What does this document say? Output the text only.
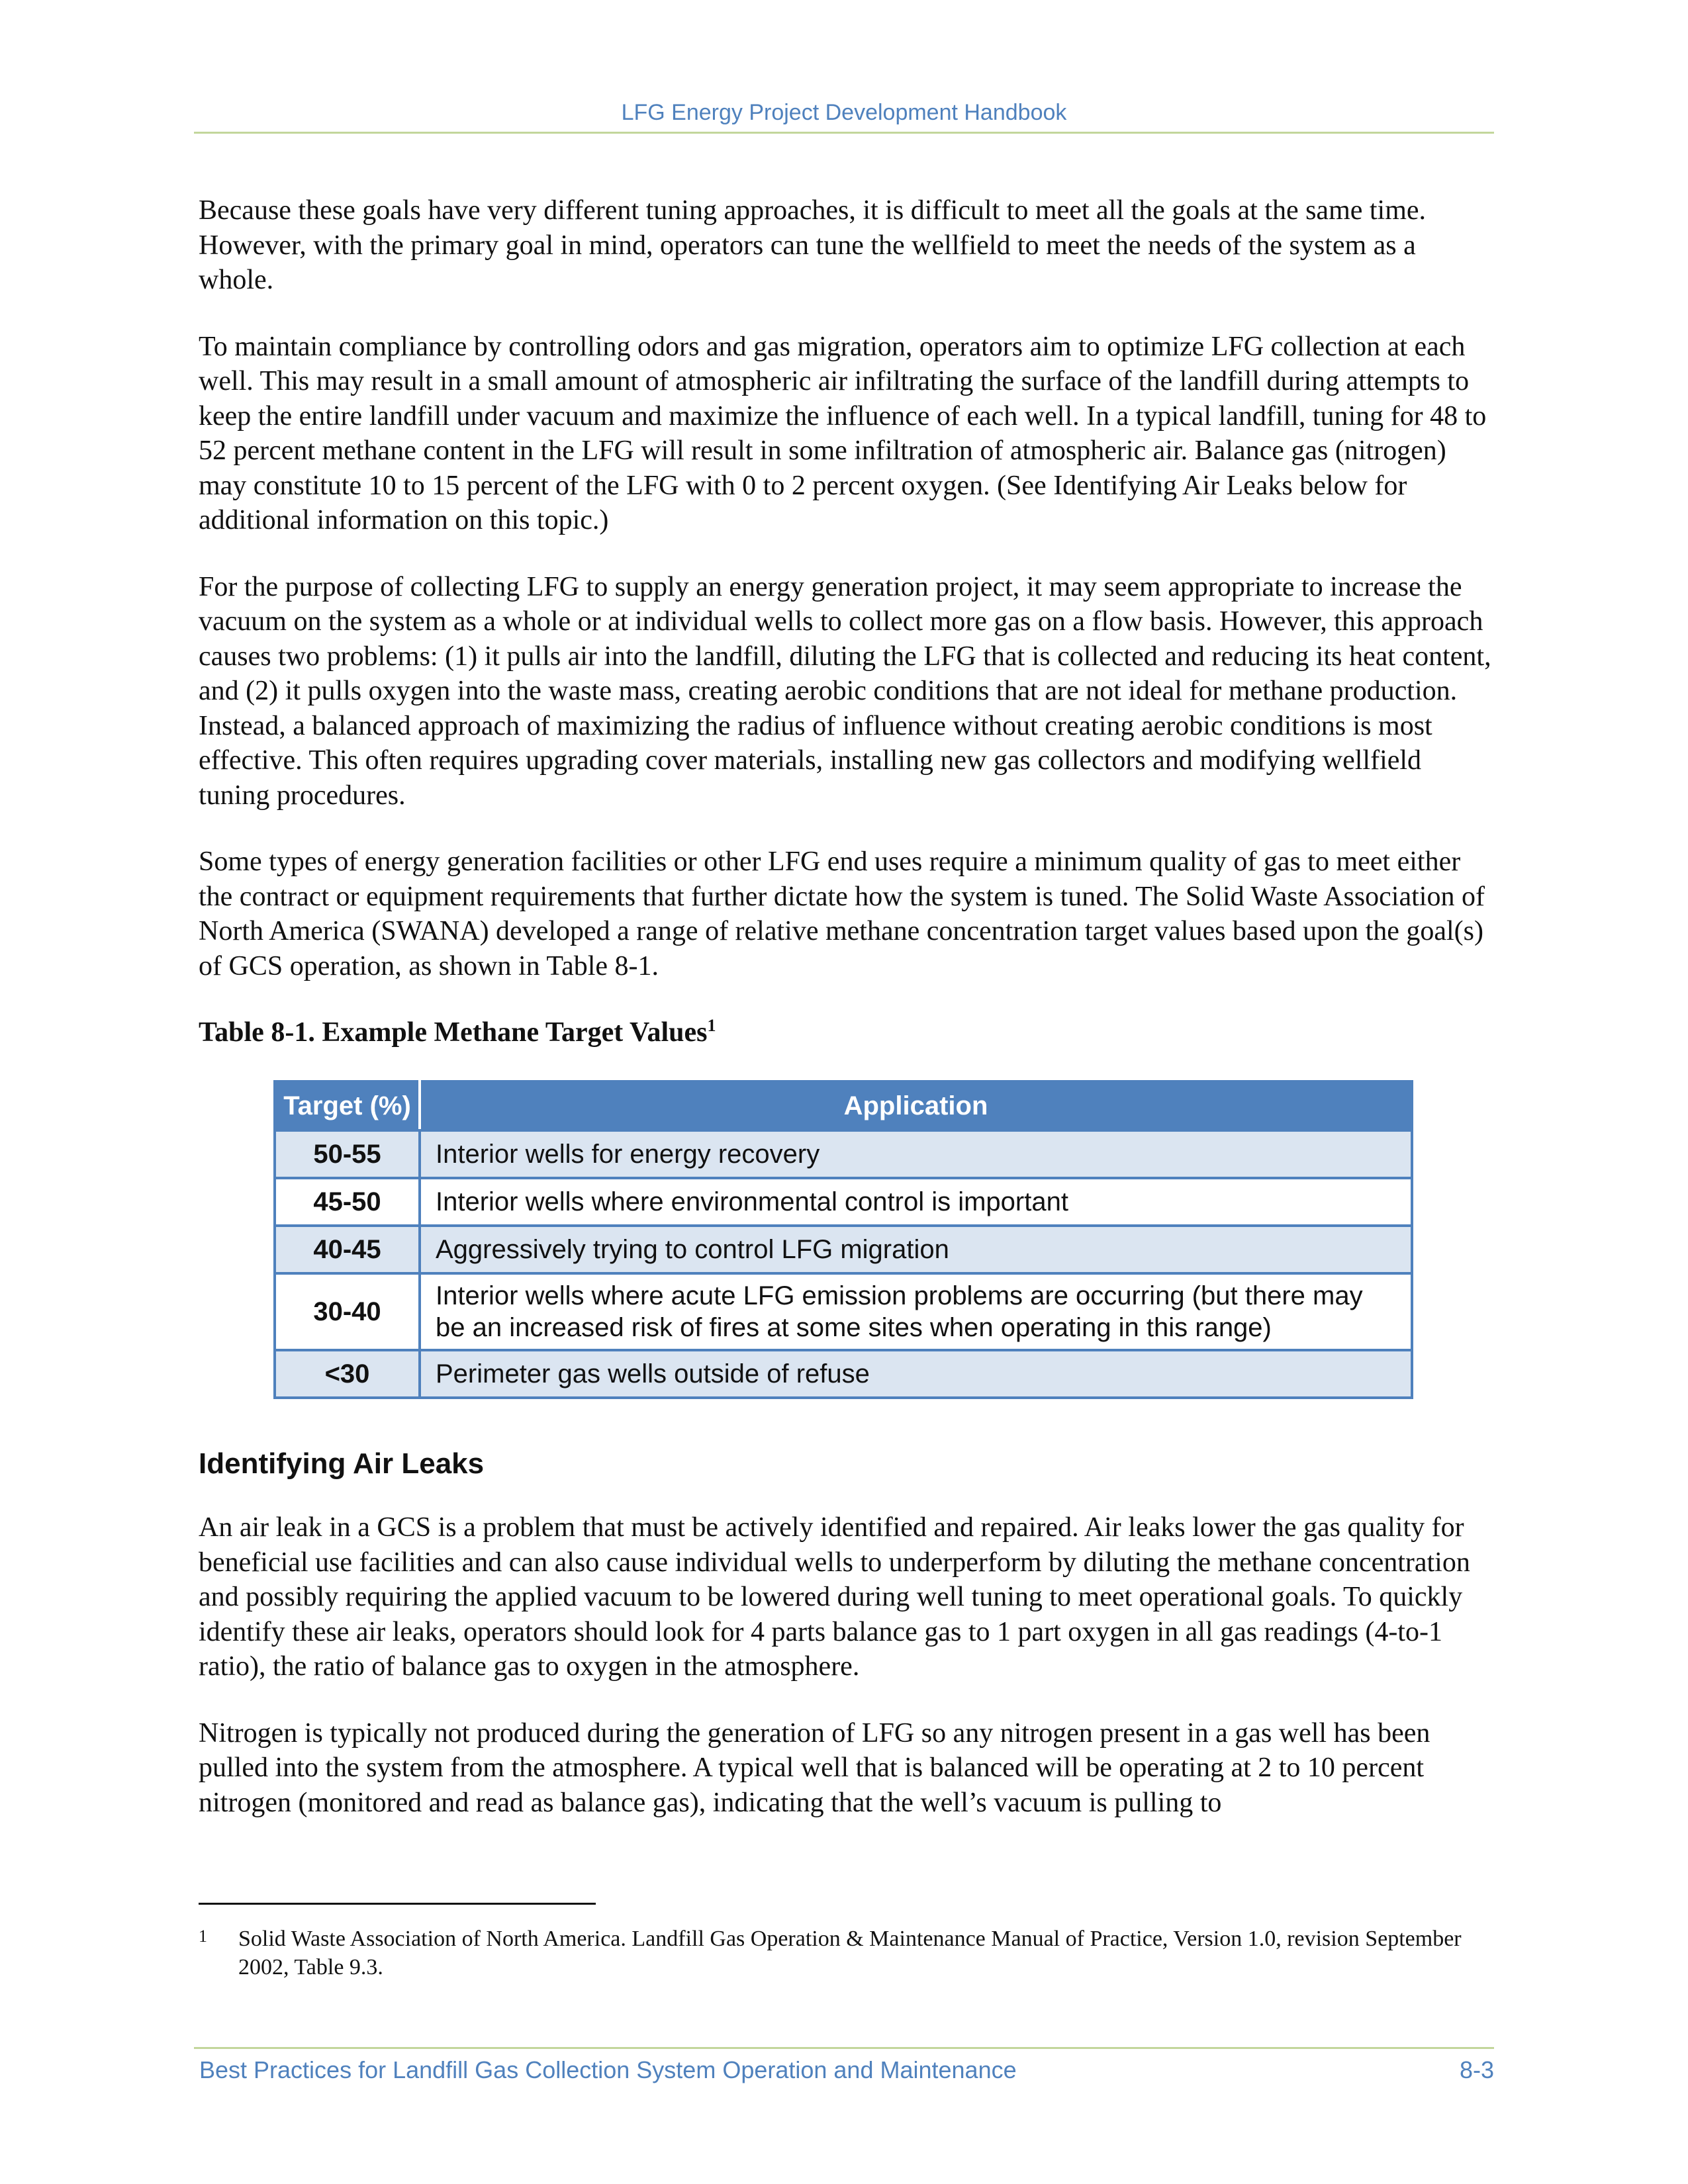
LFG Energy Project Development Handbook

Because these goals have very different tuning approaches, it is difficult to meet all the goals at the same time. However, with the primary goal in mind, operators can tune the wellfield to meet the needs of the system as a whole.

To maintain compliance by controlling odors and gas migration, operators aim to optimize LFG collection at each well. This may result in a small amount of atmospheric air infiltrating the surface of the landfill during attempts to keep the entire landfill under vacuum and maximize the influence of each well. In a typical landfill, tuning for 48 to 52 percent methane content in the LFG will result in some infiltration of atmospheric air. Balance gas (nitrogen) may constitute 10 to 15 percent of the LFG with 0 to 2 percent oxygen. (See Identifying Air Leaks below for additional information on this topic.)

For the purpose of collecting LFG to supply an energy generation project, it may seem appropriate to increase the vacuum on the system as a whole or at individual wells to collect more gas on a flow basis. However, this approach causes two problems: (1) it pulls air into the landfill, diluting the LFG that is collected and reducing its heat content, and (2) it pulls oxygen into the waste mass, creating aerobic conditions that are not ideal for methane production. Instead, a balanced approach of maximizing the radius of influence without creating aerobic conditions is most effective. This often requires upgrading cover materials, installing new gas collectors and modifying wellfield tuning procedures.

Some types of energy generation facilities or other LFG end uses require a minimum quality of gas to meet either the contract or equipment requirements that further dictate how the system is tuned. The Solid Waste Association of North America (SWANA) developed a range of relative methane concentration target values based upon the goal(s) of GCS operation, as shown in Table 8-1.

Table 8-1. Example Methane Target Values$^1$

Target (%)	Application
50-55	Interior wells for energy recovery
45-50	Interior wells where environmental control is important
40-45	Aggressively trying to control LFG migration
30-40	Interior wells where acute LFG emission problems are occurring (but there may be an increased risk of fires at some sites when operating in this range)
<30	Perimeter gas wells outside of refuse
Identifying Air Leaks

An air leak in a GCS is a problem that must be actively identified and repaired. Air leaks lower the gas quality for beneficial use facilities and can also cause individual wells to underperform by diluting the methane concentration and possibly requiring the applied vacuum to be lowered during well tuning to meet operational goals. To quickly identify these air leaks, operators should look for 4 parts balance gas to 1 part oxygen in all gas readings (4-to-1 ratio), the ratio of balance gas to oxygen in the atmosphere.

Nitrogen is typically not produced during the generation of LFG so any nitrogen present in a gas well has been pulled into the system from the atmosphere. A typical well that is balanced will be operating at 2 to 10 percent nitrogen (monitored and read as balance gas), indicating that the well’s vacuum is pulling to

1 Solid Waste Association of North America. Landfill Gas Operation & Maintenance Manual of Practice, Version 1.0, revision September 2002, Table 9.3.
Best Practices for Landfill Gas Collection System Operation and Maintenance	8-3
